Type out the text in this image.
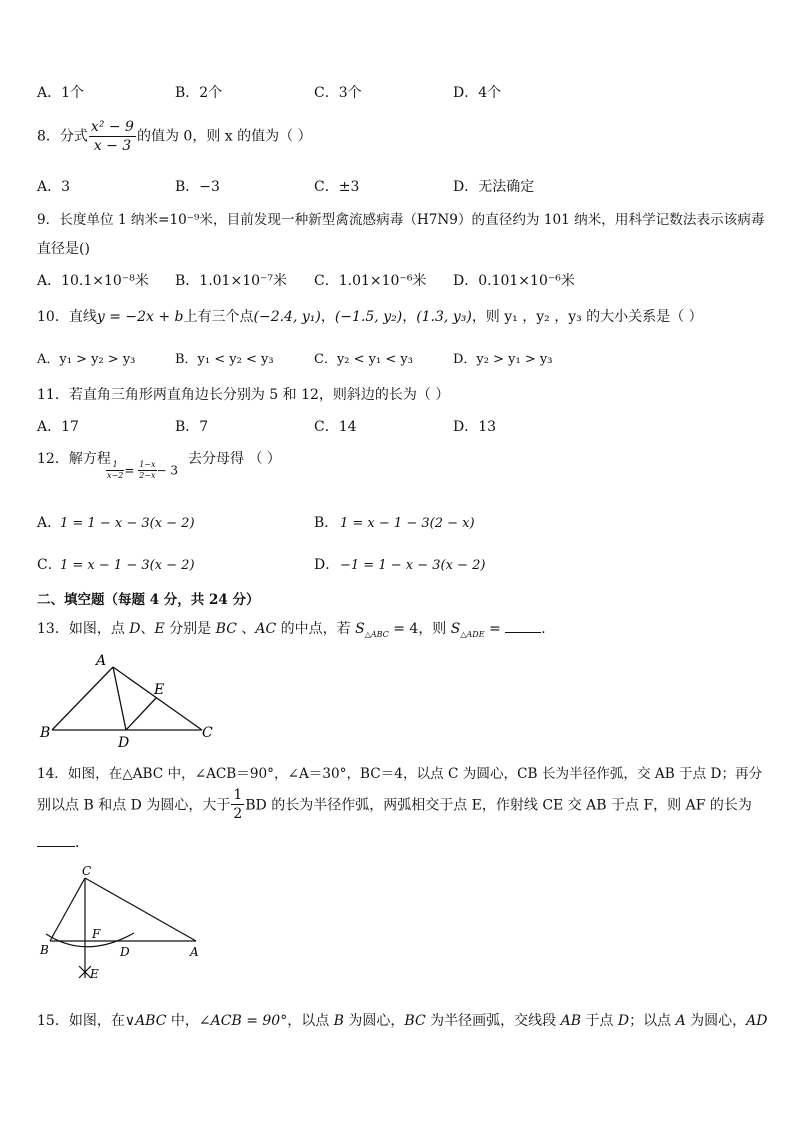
A．1个	B．2个	C．3个	D．4个
8．分式 $\frac{\text{x² − 9}}{x - 3}$ 的值为 0，则 x 的值为（ ）
A．3	B．−3	C．±3	D．无法确定
9．长度单位 1 纳米=10⁻⁹米，目前发现一种新型禽流感病毒（H7N9）的直径约为 101 纳米，用科学记数法表示该病毒
直径是()
A．10.1×10⁻⁸米 B．1.01×10⁻⁷米 C．1.01×10⁻⁶米 D．0.101×10⁻⁶米
10．直线y = −2x + b上有三个点(−2.4, y₁)，(−1.5, y₂)，(1.3, y₃)，则 y₁ ，y₂ ，y₃ 的大小关系是（ ）
A．y₁ > y₂ > y₃	B．y₁ < y₂ < y₃	C．y₂ < y₁ < y₃	D．y₂ > y₁ > y₃
11．若直角三角形两直角边长分别为 5 和 12，则斜边的长为（ ）
A．17	B．7	C．14	D．13
12．解方程
$\frac{1}{x-2} = \frac{1-x}{2-x} - 3$
去分母得 （ ）
A．
1 = 1 − x − 3(x − 2)	B． 1 = x − 1 − 3(2 − x)
C．
1 = x − 1 − 3(x − 2)	D． −1 = 1 − x − 3(x − 2)
二、填空题（每题 4 分，共 24 分）
13．如图，点 D、E 分别是 BC 、AC 的中点，若 $S_{\triangle ABC} = 4$，则 $S_{\triangle ADE}$ =	．
A
B	C
D
E
14．如图，在△ABC 中，∠ACB＝90°，∠A＝30°，BC＝4，以点 C 为圆心，CB 长为半径作弧，交 AB 于点 D；再分
别以点 B 和点 D 为圆心，大于 $\frac{1}{2}$ BD 的长为半径作弧，两弧相交于点 E，作射线 CE 交 AB 于点 F，则 AF 的长为
．
C
B	A
D
F
E
15．如图，在∨ABC 中，∠ACB = 90°，以点 B 为圆心，BC 为半径画弧，交线段 AB 于点 D；以点 A 为圆心，AD
